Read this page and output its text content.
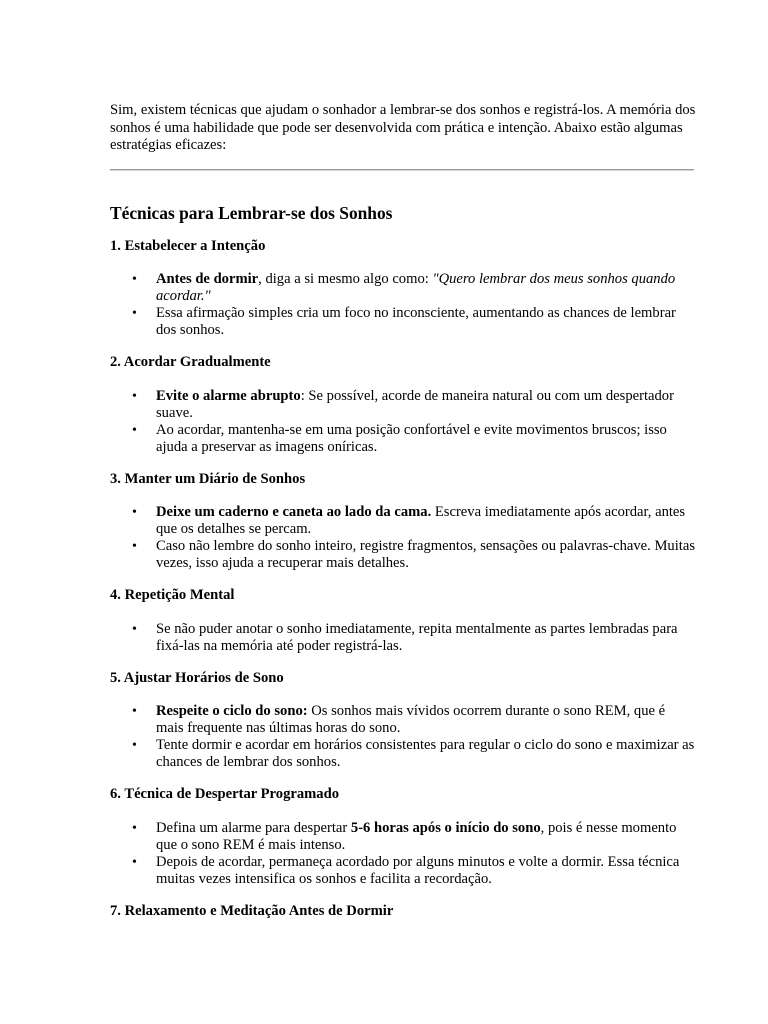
Sim, existem técnicas que ajudam o sonhador a lembrar-se dos sonhos e registrá-los. A memória dos sonhos é uma habilidade que pode ser desenvolvida com prática e intenção. Abaixo estão algumas estratégias eficazes:

Técnicas para Lembrar-se dos Sonhos
1. Estabelecer a Intenção
• Antes de dormir, diga a si mesmo algo como: "Quero lembrar dos meus sonhos quando acordar."
• Essa afirmação simples cria um foco no inconsciente, aumentando as chances de lembrar dos sonhos.
2. Acordar Gradualmente
• Evite o alarme abrupto: Se possível, acorde de maneira natural ou com um despertador suave.
• Ao acordar, mantenha-se em uma posição confortável e evite movimentos bruscos; isso ajuda a preservar as imagens oníricas.
3. Manter um Diário de Sonhos
• Deixe um caderno e caneta ao lado da cama. Escreva imediatamente após acordar, antes que os detalhes se percam.
• Caso não lembre do sonho inteiro, registre fragmentos, sensações ou palavras-chave. Muitas vezes, isso ajuda a recuperar mais detalhes.
4. Repetição Mental
• Se não puder anotar o sonho imediatamente, repita mentalmente as partes lembradas para fixá-las na memória até poder registrá-las.
5. Ajustar Horários de Sono
• Respeite o ciclo do sono: Os sonhos mais vívidos ocorrem durante o sono REM, que é mais frequente nas últimas horas do sono.
• Tente dormir e acordar em horários consistentes para regular o ciclo do sono e maximizar as chances de lembrar dos sonhos.
6. Técnica de Despertar Programado
• Defina um alarme para despertar 5-6 horas após o início do sono, pois é nesse momento que o sono REM é mais intenso.
• Depois de acordar, permaneça acordado por alguns minutos e volte a dormir. Essa técnica muitas vezes intensifica os sonhos e facilita a recordação.
7. Relaxamento e Meditação Antes de Dormir
